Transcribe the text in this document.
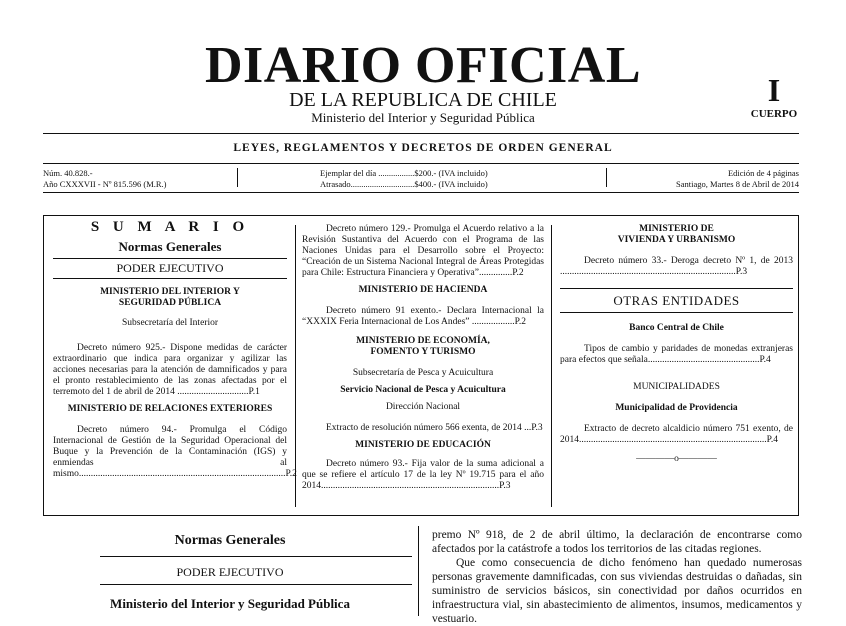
DIARIO OFICIAL
DE LA REPUBLICA DE CHILE
Ministerio del Interior y Seguridad Pública
I
CUERPO
LEYES, REGLAMENTOS Y DECRETOS DE ORDEN GENERAL
Núm. 40.828.-
Año CXXXVII - Nº 815.596 (M.R.)
Ejemplar del día .................$200.- (IVA incluido)
Atrasado..............................$400.- (IVA incluido)
Edición de 4 páginas
Santiago, Martes 8 de Abril de 2014
S U M A R I O
Normas Generales
PODER EJECUTIVO

MINISTERIO DEL INTERIOR Y SEGURIDAD PÚBLICA

Subsecretaría del Interior

Decreto número 925.- Dispone medidas de carácter extraordinario que indica para organizar y agilizar las acciones necesarias para la atención de damnificados y para el pronto restablecimiento de las zonas afectadas por el terremoto del 1 de abril de 2014 ..............................P.1

MINISTERIO DE RELACIONES EXTERIORES

Decreto número 94.- Promulga el Código Internacional de Gestión de la Seguridad Operacional del Buque y la Prevención de la Contaminación (IGS) y enmiendas al mismo.......................................................................................P.2

Decreto número 129.- Promulga el Acuerdo relativo a la Revisión Sustantiva del Acuerdo con el Programa de las Naciones Unidas para el Desarrollo sobre el Proyecto: “Creación de un Sistema Nacional Integral de Áreas Protegidas para Chile: Estructura Financiera y Operativa”..............P.2

MINISTERIO DE HACIENDA

Decreto número 91 exento.- Declara Internacional la “XXXIX Feria Internacional de Los Andes” ..................P.2

MINISTERIO DE ECONOMÍA,

FOMENTO Y TURISMO

Subsecretaría de Pesca y Acuicultura

Servicio Nacional de Pesca y Acuicultura

Dirección Nacional

Extracto de resolución número 566 exenta, de 2014 ...P.3

MINISTERIO DE EDUCACIÓN

Decreto número 93.- Fija valor de la suma adicional a que se refiere el artículo 17 de la ley Nº 19.715 para el año 2014...........................................................................P.3

MINISTERIO DE

VIVIENDA Y URBANISMO

Decreto número 33.- Deroga decreto Nº 1, de 2013 ..........................................................................P.3

OTRAS ENTIDADES

Banco Central de Chile

Tipos de cambio y paridades de monedas extranjeras para efectos que señala...............................................P.4

MUNICIPALIDADES

Municipalidad de Providencia

Extracto de decreto alcaldicio número 751 exento, de 2014...............................................................................P.4

————o————

Normas Generales
PODER EJECUTIVO
Ministerio del Interior y Seguridad Pública

premo Nº 918, de 2 de abril último, la declaración de encontrarse como afectados por la catástrofe a todos los territorios de las citadas regiones.

Que como consecuencia de dicho fenómeno han quedado numerosas personas gravemente damnificadas, con sus viviendas destruidas o dañadas, sin suministro de servicios básicos, sin conectividad por daños ocurridos en infraestructura vial, sin abastecimiento de alimentos, insumos, medicamentos y vestuario.
